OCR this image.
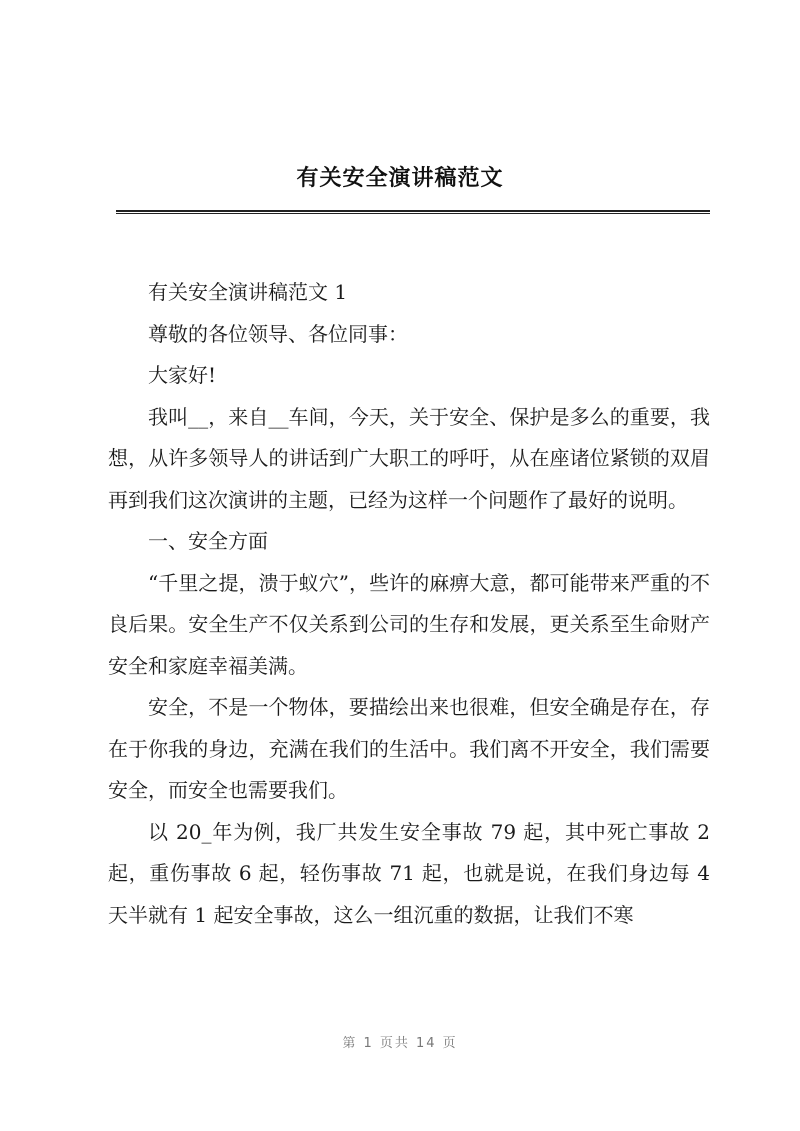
有关安全演讲稿范文

有关安全演讲稿范文 1

尊敬的各位领导、各位同事：

大家好!

我叫__，来自__车间，今天，关于安全、保护是多么的重要，我想，从许多领导人的讲话到广大职工的呼吁，从在座诸位紧锁的双眉再到我们这次演讲的主题，已经为这样一个问题作了最好的说明。

一、安全方面

“千里之提，溃于蚁穴”，些许的麻痹大意，都可能带来严重的不良后果。安全生产不仅关系到公司的生存和发展，更关系至生命财产安全和家庭幸福美满。

安全，不是一个物体，要描绘出来也很难，但安全确是存在，存在于你我的身边，充满在我们的生活中。我们离不开安全，我们需要安全，而安全也需要我们。

以 20_年为例，我厂共发生安全事故 79 起，其中死亡事故 2 起，重伤事故 6 起，轻伤事故 71 起，也就是说，在我们身边每 4 天半就有 1 起安全事故，这么一组沉重的数据，让我们不寒

第 1 页共 14 页
